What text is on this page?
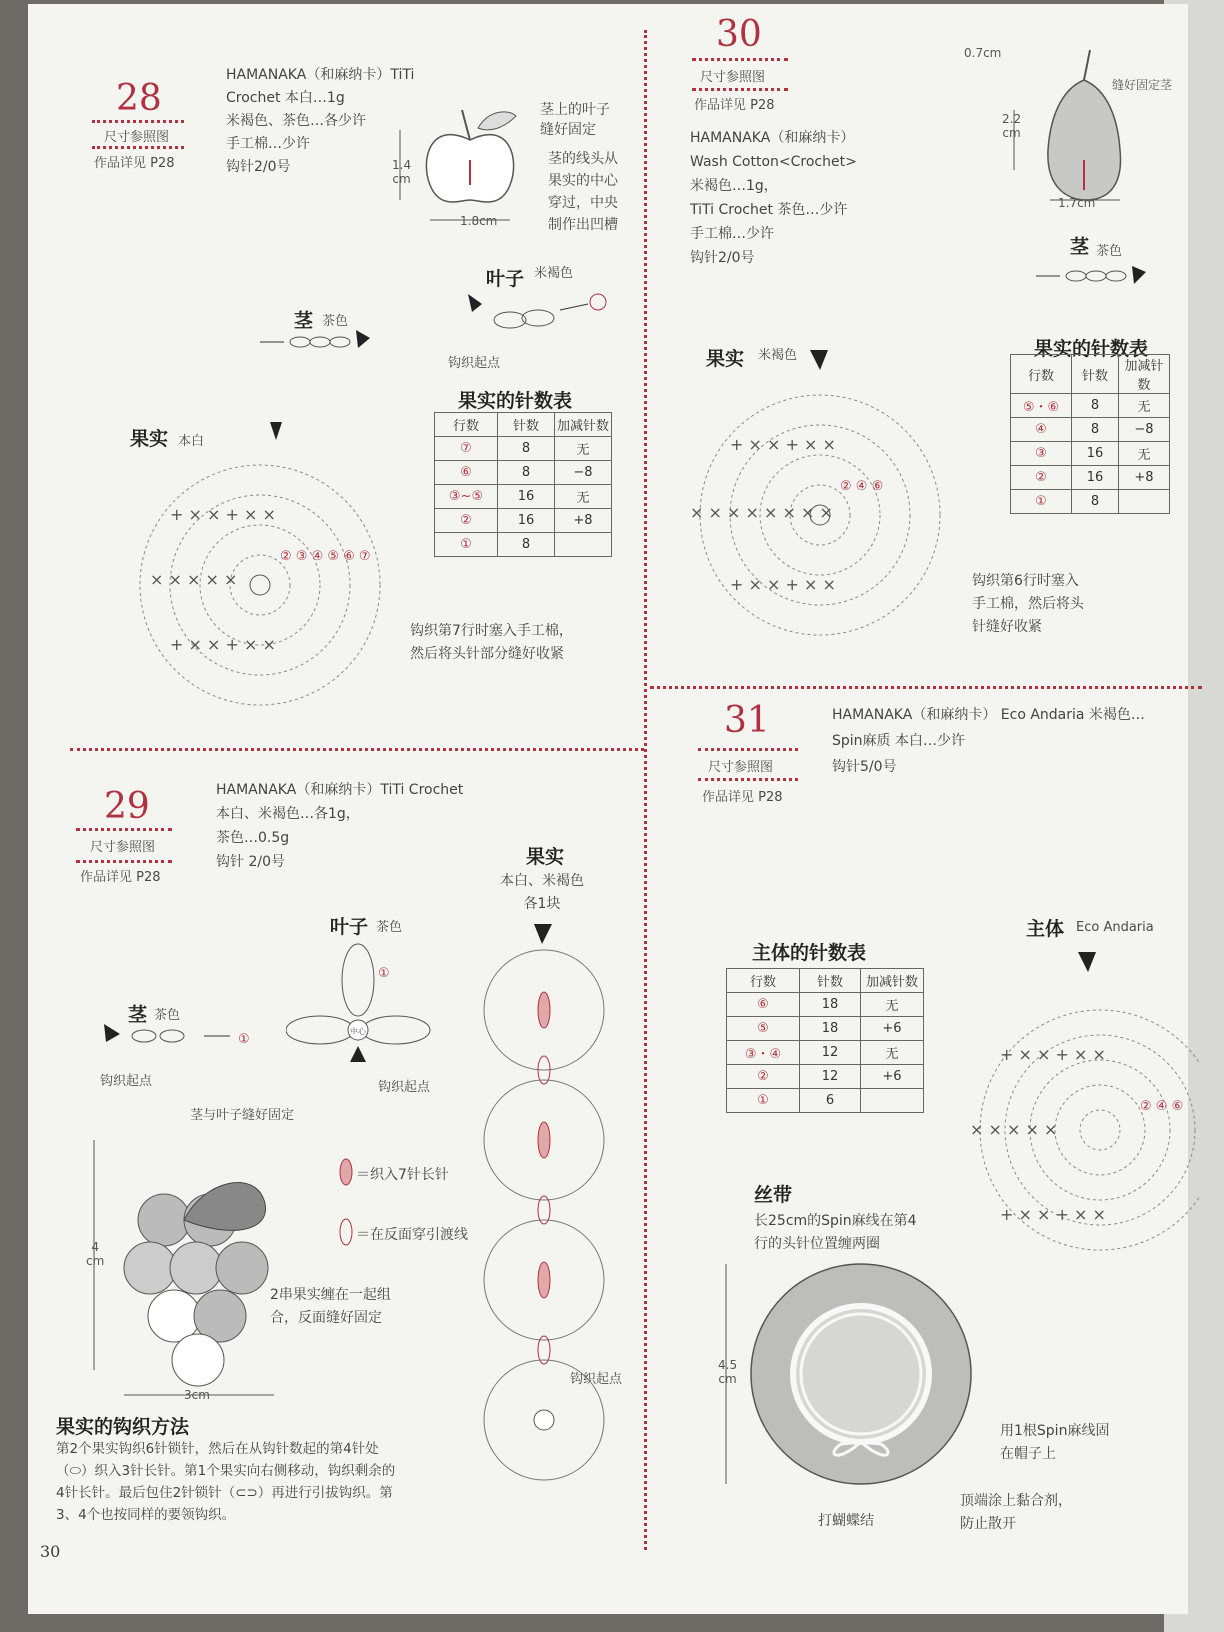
28
尺寸参照图
作品详见 P28
HAMANAKA（和麻纳卡）TiTi
Crochet 本白…1g
米褐色、茶色…各少许
手工棉…少许
钩针2/0号	1.4
cm
1.8cm
茎上的叶子
缝好固定
茎的线头从
果实的中心
穿过，中央
制作出凹槽
叶子 米褐色
钩织起点
茎 茶色
果实 本白
+ × × + × ×
× × × × ×
+ × × + × ×
② ③ ④ ⑤ ⑥ ⑦
果实的针数表
行数	针数	加减针数
⑦	8	无
⑥	8	−8
③~⑤	16	无
②	16	+8
①	8	
钩织第7行时塞入手工棉，
然后将头针部分缝好收紧
30
尺寸参照图
作品详见 P28
HAMANAKA（和麻纳卡）
Wash Cotton<Crochet>
米褐色…1g，
TiTi Crochet 茶色…少许
手工棉…少许
钩针2/0号
0.7cm
2.2
cm
1.7cm
缝好固定茎
茎 茶色
果实 米褐色
+ × × + × ×
× × × × × × × ×
+ × × + × ×
② ④ ⑥
果实的针数表
行数	针数	加减针数
⑤・⑥	8	无
④	8	−8
③	16	无
②	16	+8
①	8	
钩织第6行时塞入
手工棉，然后将头
针缝好收紧
29
尺寸参照图
作品详见 P28
HAMANAKA（和麻纳卡）TiTi Crochet
本白、米褐色…各1g，
茶色…0.5g
钩针 2/0号
叶子 茶色
中心
①
钩织起点
茎 茶色
①
钩织起点
茎与叶子缝好固定
4
cm
3cm
2串果实缠在一起组
合，反面缝好固定
＝织入7针长针
＝在反面穿引渡线
果实
本白、米褐色
各1块
钩织起点
果实的钩织方法
第2个果实钩织6针锁针，然后在从钩针数起的第4针处
（⬭）织入3针长针。第1个果实向右侧移动，钩织剩余的
4针长针。最后包住2针锁针（⊂⊃）再进行引拔钩织。第
3、4个也按同样的要领钩织。
31
尺寸参照图
作品详见 P28
HAMANAKA（和麻纳卡） Eco Andaria 米褐色…
Spin麻质 本白…少许
钩针5/0号
主体的针数表
行数	针数	加减针数
⑥	18	无
⑤	18	+6
③・④	12	无
②	12	+6
①	6	
主体 Eco Andaria
+ × × + × ×
× × × × ×
+ × × + × ×
② ④ ⑥
丝带
长25cm的Spin麻线在第4
行的头针位置缠两圈
4.5
cm
用1根Spin麻线固
在帽子上
顶端涂上黏合剂，
防止散开
打蝴蝶结
30
